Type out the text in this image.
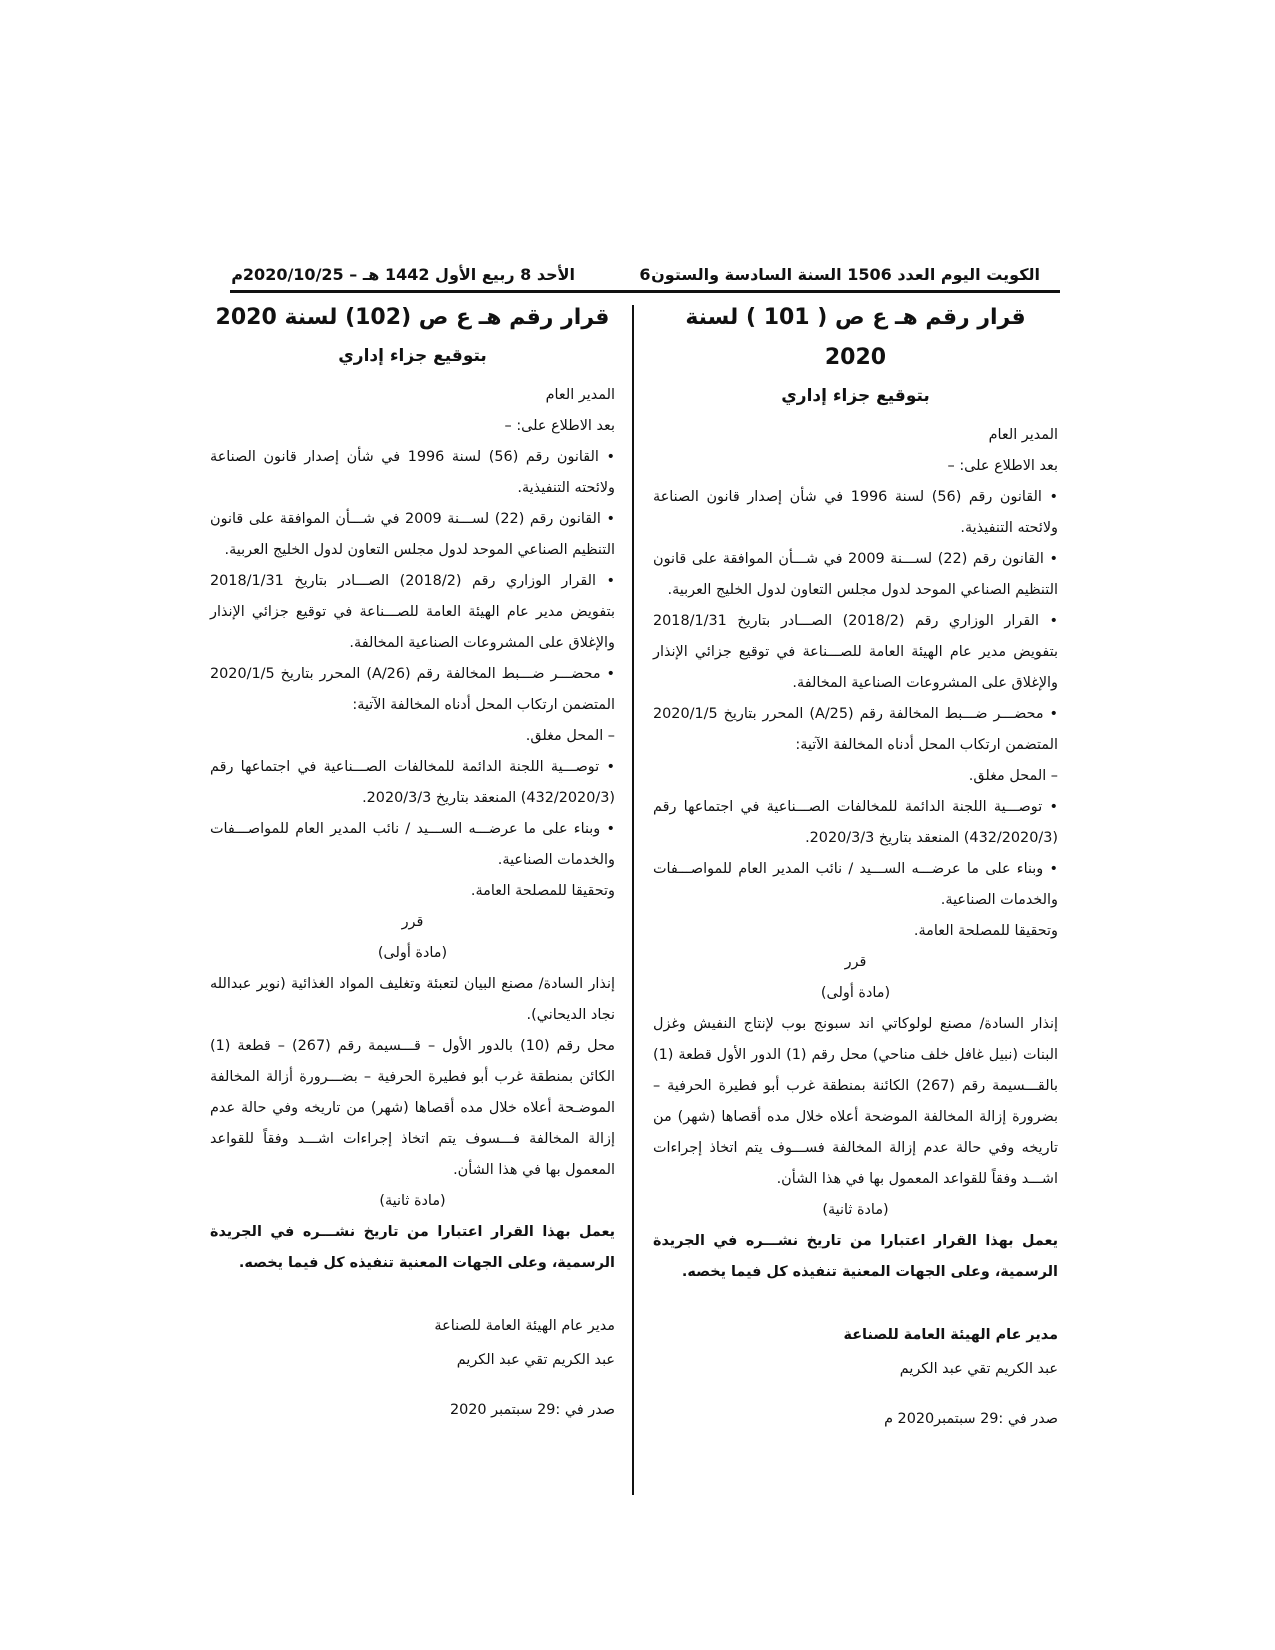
الكويت اليوم العدد 1506 السنة السادسة والستون
6
الأحد 8 ربيع الأول 1442 هـ – 2020/10/25م

قرار رقم هـ ع ص ( 101 ) لسنة 2020

بتوقيع جزاء إداري

المدير العام

بعد الاطلاع على: –

• القانون رقم (56) لسنة 1996 في شأن إصدار قانون الصناعة ولائحته التنفيذية.

• القانون رقم (22) لســـنة 2009 في شـــأن الموافقة على قانون التنظيم الصناعي الموحد لدول مجلس التعاون لدول الخليج العربية.

• القرار الوزاري رقم (2018/2) الصـــادر بتاريخ 2018/1/31 بتفويض مدير عام الهيئة العامة للصـــناعة في توقيع جزائي الإنذار والإغلاق على المشروعات الصناعية المخالفة.

• محضـــر ضـــبط المخالفة رقم (A/25) المحرر بتاريخ 2020/1/5 المتضمن ارتكاب المحل أدناه المخالفة الآتية:

– المحل مغلق.

• توصـــية اللجنة الدائمة للمخالفات الصـــناعية في اجتماعها رقم (432/2020/3) المنعقد بتاريخ 2020/3/3.

• وبناء على ما عرضـــه الســـيد / نائب المدير العام للمواصـــفات والخدمات الصناعية.

وتحقيقا للمصلحة العامة.

قرر

(مادة أولى)

إنذار السادة/ مصنع لولوكاتي اند سبونج بوب لإنتاج النفيش وغزل البنات (نبيل غافل خلف مناحي) محل رقم (1) الدور الأول قطعة (1) بالقـــسيمة رقم (267) الكائنة بمنطقة غرب أبو فطيرة الحرفية – بضرورة إزالة المخالفة الموضحة أعلاه خلال مده أقصاها (شهر) من تاريخه وفي حالة عدم إزالة المخالفة فســـوف يتم اتخاذ إجراءات اشـــد وفقاً للقواعد المعمول بها في هذا الشأن.

(مادة ثانية)

يعمل بهذا القرار اعتبارا من تاريخ نشـــره في الجريدة الرسمية، وعلى الجهات المعنية تنفيذه كل فيما يخصه.

مدير عام الهيئة العامة للصناعة

عبد الكريم تقي عبد الكريم

صدر في :29 سبتمبر2020 م

قرار رقم هـ ع ص (102) لسنة 2020

بتوقيع جزاء إداري

المدير العام

بعد الاطلاع على: –

• القانون رقم (56) لسنة 1996 في شأن إصدار قانون الصناعة ولائحته التنفيذية.

• القانون رقم (22) لســـنة 2009 في شـــأن الموافقة على قانون التنظيم الصناعي الموحد لدول مجلس التعاون لدول الخليج العربية.

• القرار الوزاري رقم (2018/2) الصـــادر بتاريخ 2018/1/31 بتفويض مدير عام الهيئة العامة للصـــناعة في توقيع جزائي الإنذار والإغلاق على المشروعات الصناعية المخالفة.

• محضـــر ضـــبط المخالفة رقم (A/26) المحرر بتاريخ 2020/1/5 المتضمن ارتكاب المحل أدناه المخالفة الآتية:

– المحل مغلق.

• توصـــية اللجنة الدائمة للمخالفات الصـــناعية في اجتماعها رقم (432/2020/3) المنعقد بتاريخ 2020/3/3.

• وبناء على ما عرضـــه الســـيد / نائب المدير العام للمواصـــفات والخدمات الصناعية.

وتحقيقا للمصلحة العامة.

قرر

(مادة أولى)

إنذار السادة/ مصنع البيان لتعبئة وتغليف المواد الغذائية (نوير عبدالله نجاد الديحاني).

محل رقم (10) بالدور الأول – قـــسيمة رقم (267) – قطعة (1) الكائن بمنطقة غرب أبو فطيرة الحرفية – بضـــرورة أزالة المخالفة الموضـحة أعلاه خلال مده أقصاها (شهر) من تاريخه وفي حالة عدم إزالة المخالفة فـــسوف يتم اتخاذ إجراءات اشـــد وفقاً للقواعد المعمول بها في هذا الشأن.

(مادة ثانية)

يعمل بهذا القرار اعتبارا من تاريخ نشـــره في الجريدة الرسمية، وعلى الجهات المعنية تنفيذه كل فيما يخصه.

مدير عام الهيئة العامة للصناعة

عبد الكريم تقي عبد الكريم

صدر في :29 سبتمبر 2020
